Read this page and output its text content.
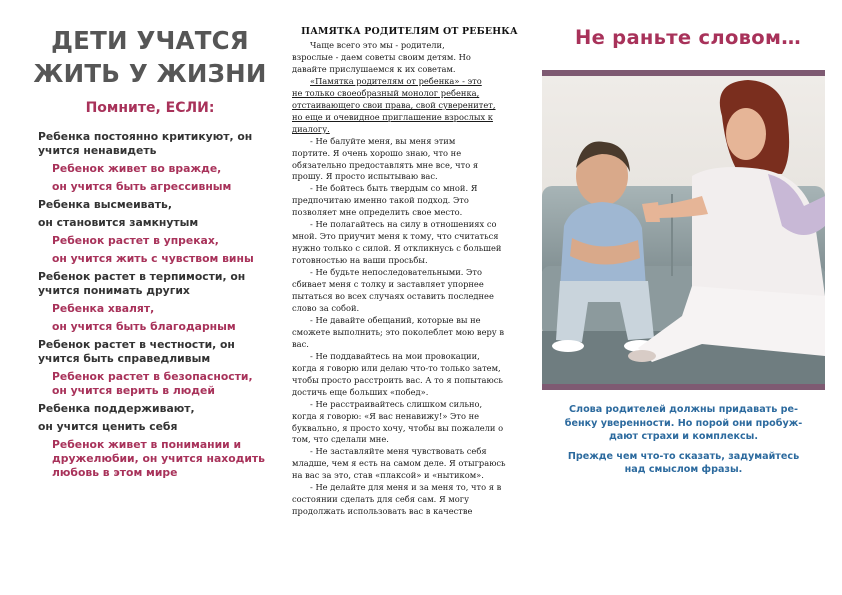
ДЕТИ УЧАТСЯ
ЖИТЬ У ЖИЗНИ
Помните, ЕСЛИ:
Ребенка постоянно критикуют, он
учится ненавидеть
Ребенок живет во вражде,
он учится быть агрессивным
Ребенка высмеивать,
он становится замкнутым
Ребенок растет в упреках,
он учится жить с чувством вины
Ребенок растет в терпимости, он
учится понимать других
Ребенка хвалят,
он учится быть благодарным
Ребенок растет в честности, он
учится быть справедливым
Ребенок растет в безопасности,
он учится верить в людей
Ребенка поддерживают,
он учится ценить себя
Ребенок живет в понимании и
дружелюбии, он учится находить
любовь в этом мире
ПАМЯТКА РОДИТЕЛЯМ ОТ РЕБЕНКА

Чаще всего это мы - родители,
взрослые - даем советы своим детям. Но
давайте прислушаемся к их советам.

«Памятка родителям от ребенка» - это
не только своеобразный монолог ребенка,
отстаивающего свои права, свой суверенитет,
но еще и очевидное приглашение взрослых к
диалогу.

- Не балуйте меня, вы меня этим
портите. Я очень хорошо знаю, что не
обязательно предоставлять мне все, что я
прошу. Я просто испытываю вас.

- Не бойтесь быть твердым со мной. Я
предпочитаю именно такой подход. Это
позволяет мне определить свое место.

- Не полагайтесь на силу в отношениях со
мной. Это приучит меня к тому, что считаться
нужно только с силой. Я откликнусь с большей
готовностью на ваши просьбы.

- Не будьте непоследовательными. Это
сбивает меня с толку и заставляет упорнее
пытаться во всех случаях оставить последнее
слово за собой.

- Не давайте обещаний, которые вы не
сможете выполнить; это поколеблет мою веру в
вас.

- Не поддавайтесь на мои провокации,
когда я говорю или делаю что-то только затем,
чтобы просто расстроить вас. А то я попытаюсь
достичь еще больших «побед».

- Не расстраивайтесь слишком сильно,
когда я говорю: «Я вас ненавижу!» Это не
буквально, я просто хочу, чтобы вы пожалели о
том, что сделали мне.

- Не заставляйте меня чувствовать себя
младше, чем я есть на самом деле. Я отыграюсь
на вас за это, став «плаксой» и «нытиком».

- Не делайте для меня и за меня то, что я в
состоянии сделать для себя сам. Я могу
продолжать использовать вас в качестве

Не раньте словом…

Слова родителей должны придавать ре-
бенку уверенности. Но порой они пробуж-
дают страхи и комплексы.

Прежде чем что-то сказать, задумайтесь
над смыслом фразы.
